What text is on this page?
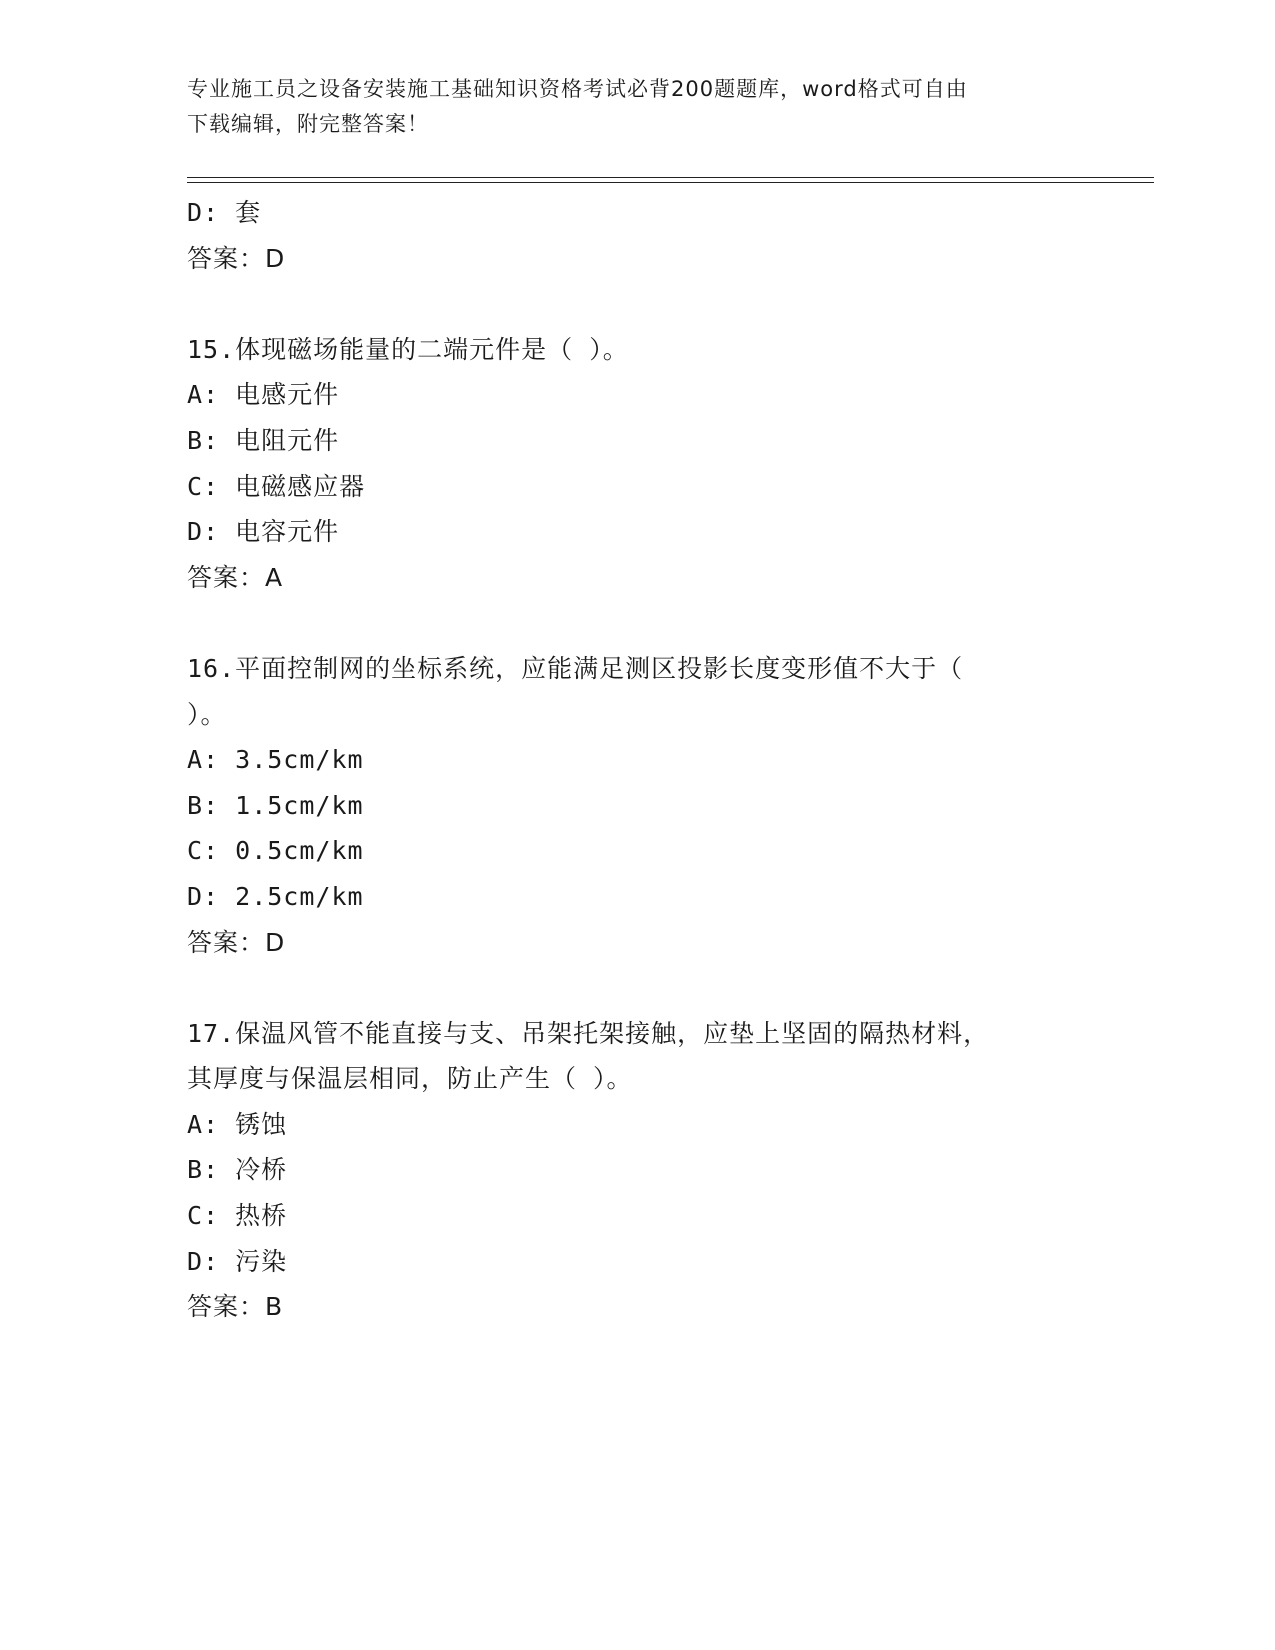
专业施工员之设备安装施工基础知识资格考试必背200题题库，word格式可自由
下载编辑，附完整答案！
D: 套
答案：D
15.体现磁场能量的二端元件是（ ）。
A: 电感元件
B: 电阻元件
C: 电磁感应器
D: 电容元件
答案：A
16.平面控制网的坐标系统，应能满足测区投影长度变形值不大于（
）。
A: 3.5cm/km
B: 1.5cm/km
C: 0.5cm/km
D: 2.5cm/km
答案：D
17.保温风管不能直接与支、吊架托架接触，应垫上坚固的隔热材料，
其厚度与保温层相同，防止产生（ ）。
A: 锈蚀
B: 冷桥
C: 热桥
D: 污染
答案：B
